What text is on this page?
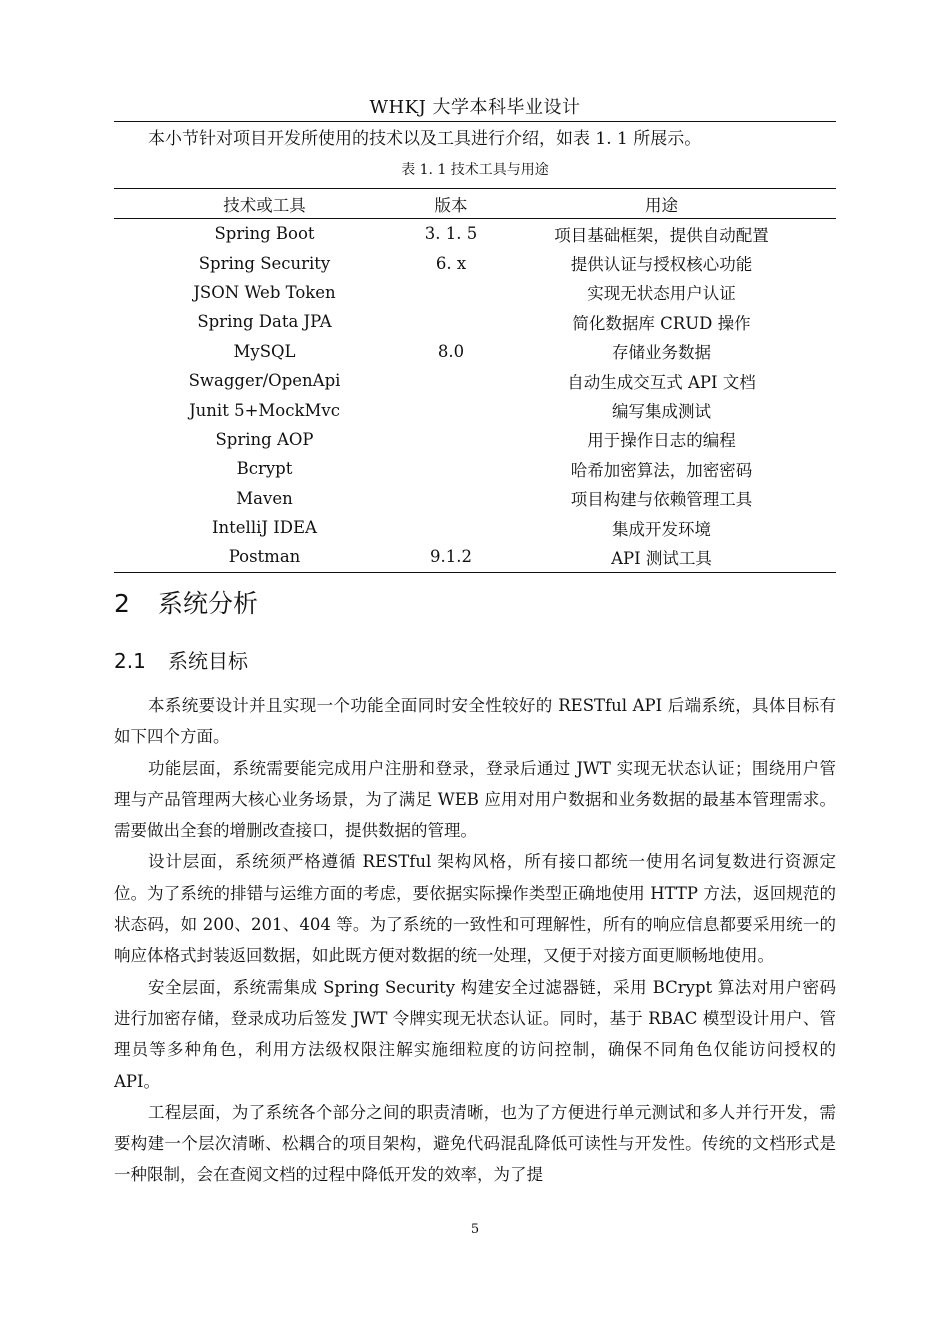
WHKJ 大学本科毕业设计
本小节针对项目开发所使用的技术以及工具进行介绍，如表 1. 1 所展示。
表 1. 1 技术工具与用途
技术或工具	版本	用途
Spring Boot	3. 1. 5	项目基础框架，提供自动配置
Spring Security	6. x	提供认证与授权核心功能
JSON Web Token		实现无状态用户认证
Spring Data JPA		简化数据库 CRUD 操作
MySQL	8.0	存储业务数据
Swagger/OpenApi		自动生成交互式 API 文档
Junit 5+MockMvc		编写集成测试
Spring AOP		用于操作日志的编程
Bcrypt		哈希加密算法，加密密码
Maven		项目构建与依赖管理工具
IntelliJ IDEA		集成开发环境
Postman	9.1.2	API 测试工具
2 系统分析
2.1 系统目标

本系统要设计并且实现一个功能全面同时安全性较好的 RESTful API 后端系统，具体目标有如下四个方面。

功能层面，系统需要能完成用户注册和登录，登录后通过 JWT 实现无状态认证；围绕用户管理与产品管理两大核心业务场景，为了满足 WEB 应用对用户数据和业务数据的最基本管理需求。需要做出全套的增删改查接口，提供数据的管理。

设计层面，系统须严格遵循 RESTful 架构风格，所有接口都统一使用名词复数进行资源定位。为了系统的排错与运维方面的考虑，要依据实际操作类型正确地使用 HTTP 方法，返回规范的状态码，如 200、201、404 等。为了系统的一致性和可理解性，所有的响应信息都要采用统一的响应体格式封装返回数据，如此既方便对数据的统一处理，又便于对接方面更顺畅地使用。

安全层面，系统需集成 Spring Security 构建安全过滤器链，采用 BCrypt 算法对用户密码进行加密存储，登录成功后签发 JWT 令牌实现无状态认证。同时，基于 RBAC 模型设计用户、管理员等多种角色，利用方法级权限注解实施细粒度的访问控制，确保不同角色仅能访问授权的 API。

工程层面，为了系统各个部分之间的职责清晰，也为了方便进行单元测试和多人并行开发，需要构建一个层次清晰、松耦合的项目架构，避免代码混乱降低可读性与开发性。传统的文档形式是一种限制，会在查阅文档的过程中降低开发的效率，为了提

5
